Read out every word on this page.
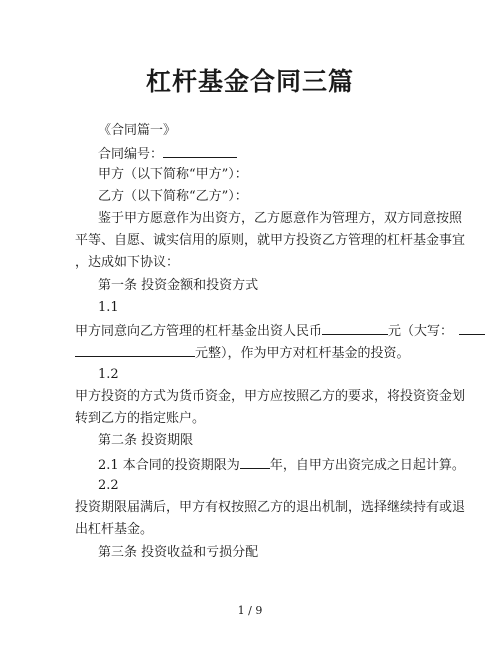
杠杆基金合同三篇
《合同篇一》
合同编号：
甲方（以下简称“甲方”）：
乙方（以下简称“乙方”）：
鉴于甲方愿意作为出资方，乙方愿意作为管理方，双方同意按照
平等、自愿、诚实信用的原则，就甲方投资乙方管理的杠杆基金事宜
，达成如下协议：
第一条 投资金额和投资方式
1.1
甲方同意向乙方管理的杠杆基金出资人民币	元（大写：
元整），作为甲方对杠杆基金的投资。
1.2
甲方投资的方式为货币资金，甲方应按照乙方的要求，将投资资金划
转到乙方的指定账户。
第二条 投资期限
2.1 本合同的投资期限为 年，自甲方出资完成之日起计算。
2.2
投资期限届满后，甲方有权按照乙方的退出机制，选择继续持有或退
出杠杆基金。
第三条 投资收益和亏损分配
1 / 9
